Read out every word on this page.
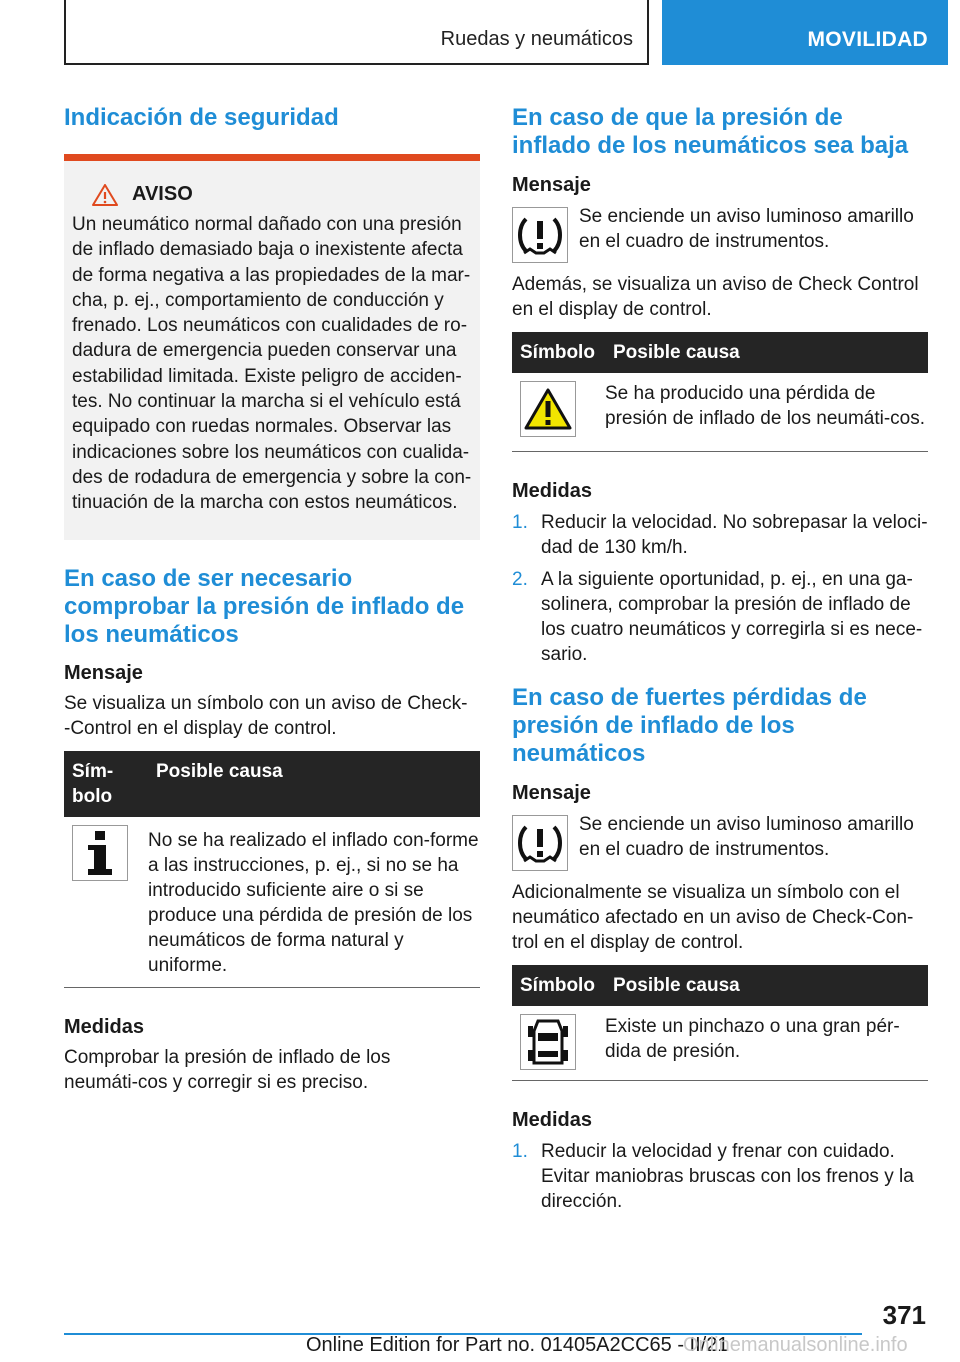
Ruedas y neumáticos	MOVILIDAD
Indicación de seguridad
AVISO
Un neumático normal dañado con una presión de inflado demasiado baja o inexistente afecta de forma negativa a las propiedades de la mar-cha, p. ej., comportamiento de conducción y frenado. Los neumáticos con cualidades de ro-dadura de emergencia pueden conservar una estabilidad limitada. Existe peligro de acciden-tes. No continuar la marcha si el vehículo está equipado con ruedas normales. Observar las indicaciones sobre los neumáticos con cualida-des de rodadura de emergencia y sobre la con-tinuación de la marcha con estos neumáticos.
En caso de ser necesario comprobar la presión de inflado de los neumáticos
Mensaje

Se visualiza un símbolo con un aviso de Check--Control en el display de control.

Sím-bolo	Posible causa

	No se ha realizado el inflado con-forme a las instrucciones, p. ej., si no se ha introducido suficiente aire o si se produce una pérdida de presión de los neumáticos de forma natural y uniforme.
Medidas

Comprobar la presión de inflado de los neumáti-cos y corregir si es preciso.

En caso de que la presión de inflado de los neumáticos sea baja
Mensaje

Se enciende un aviso luminoso amarillo en el cuadro de instrumentos.

Además, se visualiza un aviso de Check Control en el display de control.

Símbolo	Posible causa

	Se ha producido una pérdida de presión de inflado de los neumáti-cos.
Medidas
1. Reducir la velocidad. No sobrepasar la veloci-dad de 130 km/h.
2. A la siguiente oportunidad, p. ej., en una ga-solinera, comprobar la presión de inflado de los cuatro neumáticos y corregirla si es nece-sario.
En caso de fuertes pérdidas de presión de inflado de los neumáticos
Mensaje

Se enciende un aviso luminoso amarillo en el cuadro de instrumentos.

Adicionalmente se visualiza un símbolo con el neumático afectado en un aviso de Check-Con-trol en el display de control.

Símbolo	Posible causa

	Existe un pinchazo o una gran pér-dida de presión.
Medidas
1. Reducir la velocidad y frenar con cuidado. Evitar maniobras bruscas con los frenos y la dirección.
371
Online Edition for Part no. 01405A2CC65 - II/21
Onlinemanualsonline.info
